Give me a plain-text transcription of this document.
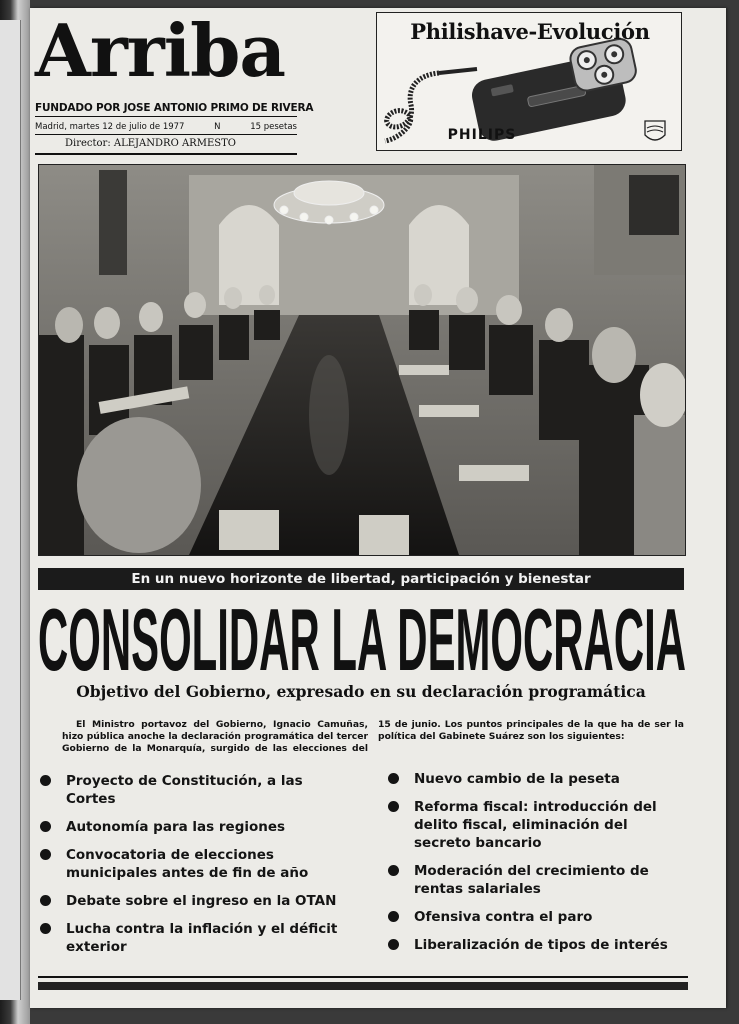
Arriba
FUNDADO POR JOSE ANTONIO PRIMO DE RIVERA
Madrid, martes 12 de julio de 1977	N	15 pesetas
Director: ALEJANDRO ARMESTO
Philishave-Evolución
PHILIPS
En un nuevo horizonte de libertad, participación y bienestar
CONSOLIDAR LA DEMOCRACIA
Objetivo del Gobierno, expresado en su declaración programática

El Ministro portavoz del Gobierno, Ignacio Camuñas, hizo pública anoche la declaración programática del tercer Gobierno de la Monarquía, surgido de las elecciones del 15 de junio. Los puntos principales de la que ha de ser la política del Gabinete Suárez son los siguientes:

Proyecto de Constitución, a las Cortes
Autonomía para las regiones
Convocatoria de elecciones municipales antes de fin de año
Debate sobre el ingreso en la OTAN
Lucha contra la inflación y el déficit exterior
Nuevo cambio de la peseta
Reforma fiscal: introducción del delito fiscal, eliminación del secreto bancario
Moderación del crecimiento de rentas salariales
Ofensiva contra el paro
Liberalización de tipos de interés
